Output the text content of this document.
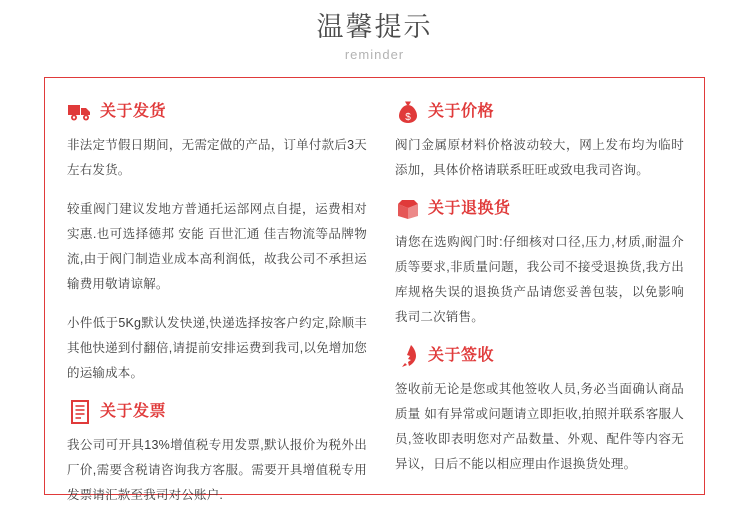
温馨提示
reminder
关于发货

非法定节假日期间，无需定做的产品，订单付款后3天左右发货。

较重阀门建议发地方普通托运部网点自提，运费相对实惠.也可选择德邦 安能 百世汇通 佳吉物流等品牌物流,由于阀门制造业成本高利润低，故我公司不承担运输费用敬请谅解。

小件低于5Kg默认发快递,快递选择按客户约定,除顺丰其他快递到付翻倍,请提前安排运费到我司,以免增加您的运输成本。

关于发票

我公司可开具13%增值税专用发票,默认报价为税外出厂价,需要含税请咨询我方客服。需要开具增值税专用发票请汇款至我司对公账户.

$ 关于价格

阀门金属原材料价格波动较大，网上发布均为临时添加，具体价格请联系旺旺或致电我司咨询。

关于退换货

请您在选购阀门时:仔细核对口径,压力,材质,耐温介质等要求,非质量问题，我公司不接受退换货,我方出库规格失误的退换货产品请您妥善包装，以免影响我司二次销售。

关于签收

签收前无论是您或其他签收人员,务必当面确认商品质量 如有异常或问题请立即拒收,拍照并联系客服人员,签收即表明您对产品数量、外观、配件等内容无异议，日后不能以相应理由作退换货处理。
